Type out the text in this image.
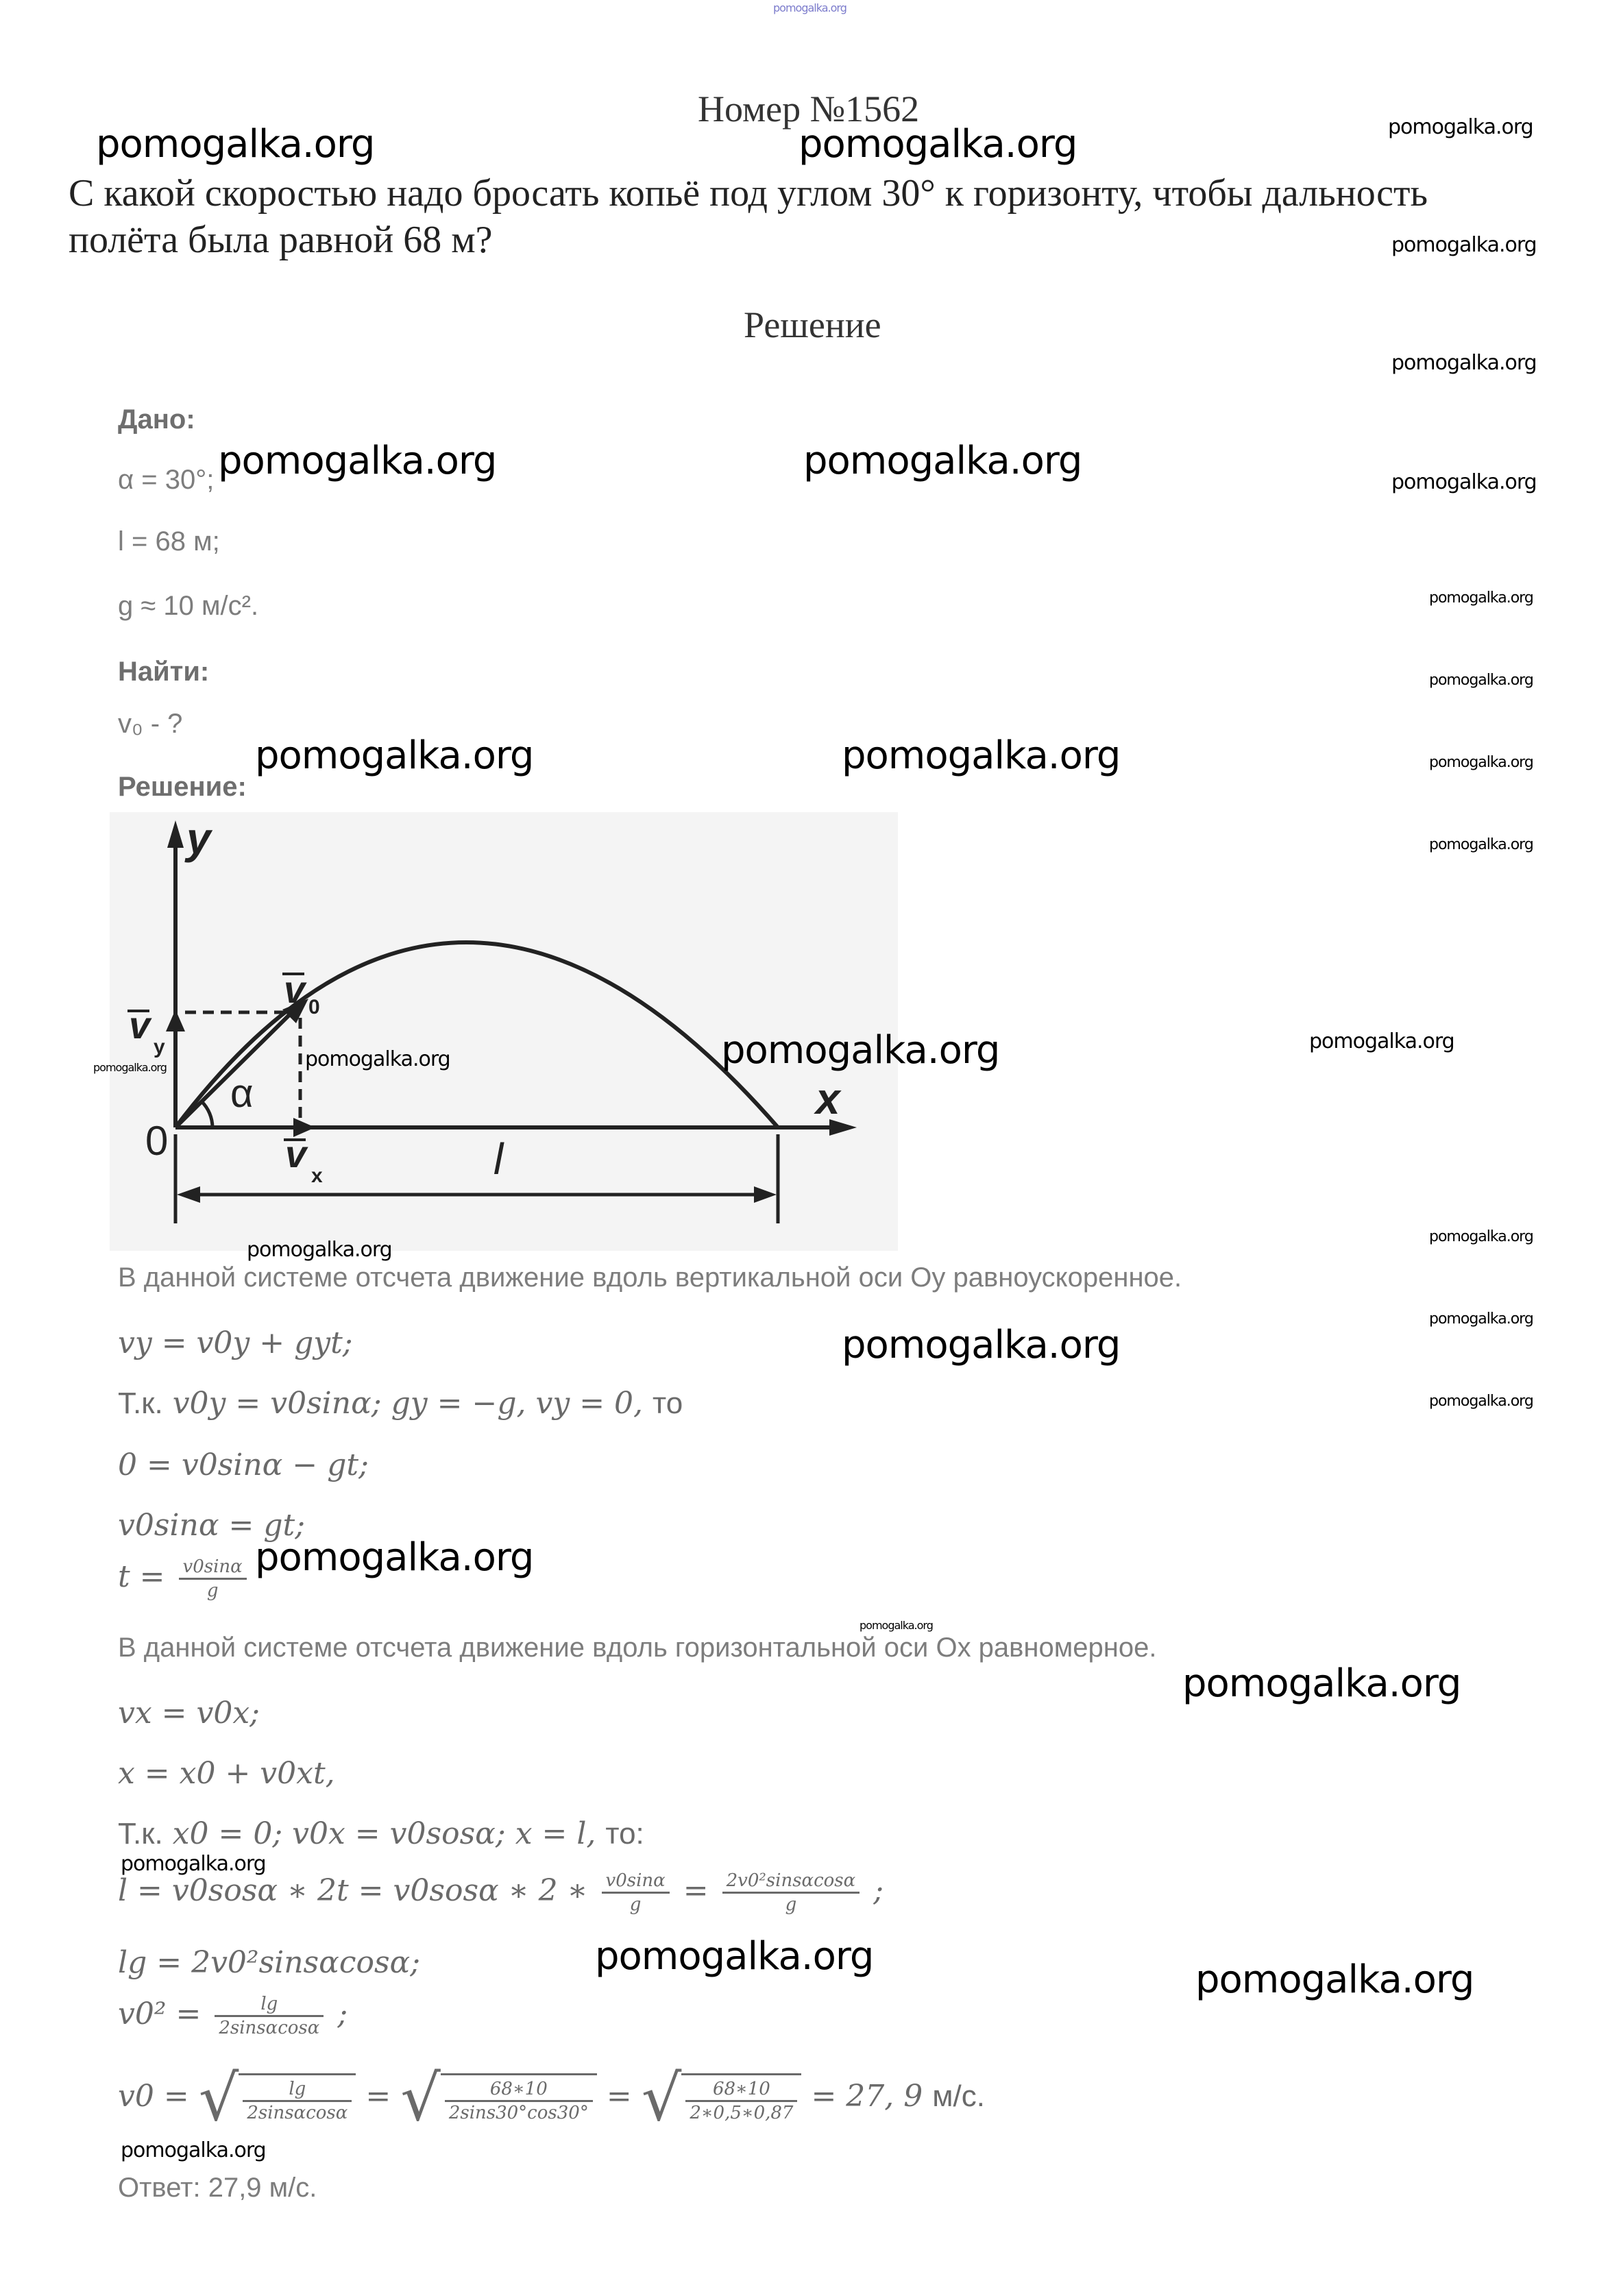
pomogalka.org
Номер №1562
С какой скоростью надо бросать копьё под углом 30° к горизонту, чтобы дальность
полёта была равной 68 м?
Решение
Дано:
α = 30°;
l = 68 м;
g ≈ 10 м/с².
Найти:
v₀ - ?
Решение:
y
x
0
α
v 0
v
y
v
x	l
В данной системе отсчета движение вдоль вертикальной оси Oy равноускоренное.
vy = v0y + gyt;
Т.к. v0y = v0sinα; gy = −g, vy = 0, то
0 = v0sinα − gt;
v0sinα = gt;
$t = \frac{v0\sin\alpha}{g}$
В данной системе отсчета движение вдоль горизонтальной оси Ox равномерное.
vx = v0x;
x = x0 + v0xt,
Т.к. x0 = 0; v0x = v0sosα; x = l, то:
l = v0sosα ∗ 2t = v0sosα ∗ 2 ∗ $\frac{v0\sin\alpha}{g} = \frac{\text{2v0²sinsαcosα}}{g}$ ;
lg = 2v0²sinsαcosα;
$v0^2 = \frac{\lg}{2\sin s\alpha\cos\alpha}$ ;
v0 = √ $\frac{\lg}{2\sin s\alpha\cos\alpha}$ = √ $\frac{68∗10}{2\sin s30^\circ\cos 30^\circ}$ = √ $\frac{68∗10}{2∗0,5∗0,87} = 27$, 9 м/с.
Ответ: 27,9 м/с.
pomogalka.org	pomogalka.org	pomogalka.org
pomogalka.org
pomogalka.org
pomogalka.org	pomogalka.org	pomogalka.org
pomogalka.org
pomogalka.org
pomogalka.org	pomogalka.org	pomogalka.org
pomogalka.org
pomogalka.org	pomogalka.org	pomogalka.org	pomogalka.org
pomogalka.org
pomogalka.org
pomogalka.org
pomogalka.org
pomogalka.org
pomogalka.org
pomogalka.org
pomogalka.org
pomogalka.org
pomogalka.org
pomogalka.org
pomogalka.org
